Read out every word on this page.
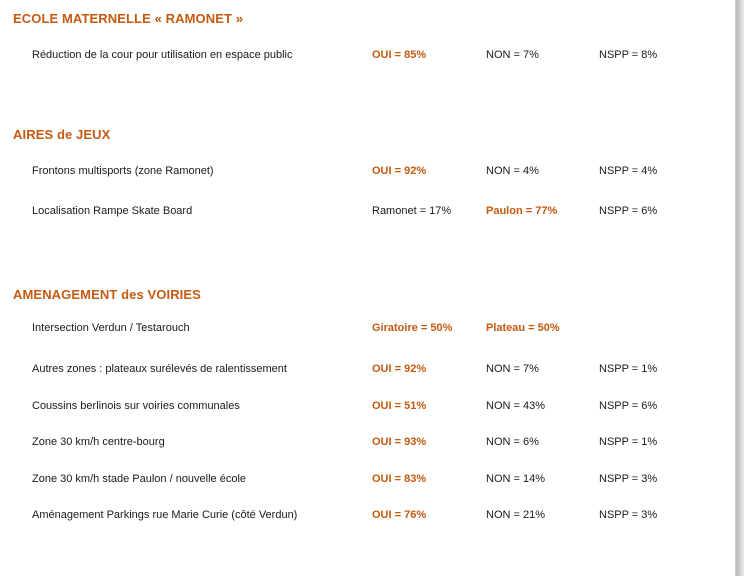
ECOLE MATERNELLE « RAMONET »
Réduction de la cour pour utilisation en espace public	OUI = 85%	NON = 7%	NSPP = 8%
AIRES de JEUX
Frontons multisports (zone Ramonet)	OUI = 92%	NON = 4%	NSPP = 4%
Localisation Rampe Skate Board	Ramonet = 17%	Paulon = 77%	NSPP = 6%
AMENAGEMENT des VOIRIES
Intersection Verdun / Testarouch	Giratoire = 50%	Plateau = 50%
Autres zones : plateaux surélevés de ralentissement	OUI = 92%	NON = 7%	NSPP = 1%
Coussins berlinois sur voiries communales	OUI = 51%	NON = 43%	NSPP = 6%
Zone 30 km/h centre-bourg	OUI = 93%	NON = 6%	NSPP = 1%
Zone 30 km/h stade Paulon / nouvelle école	OUI = 83%	NON = 14%	NSPP = 3%
Aménagement Parkings rue Marie Curie (côté Verdun)	OUI = 76%	NON = 21%	NSPP = 3%
